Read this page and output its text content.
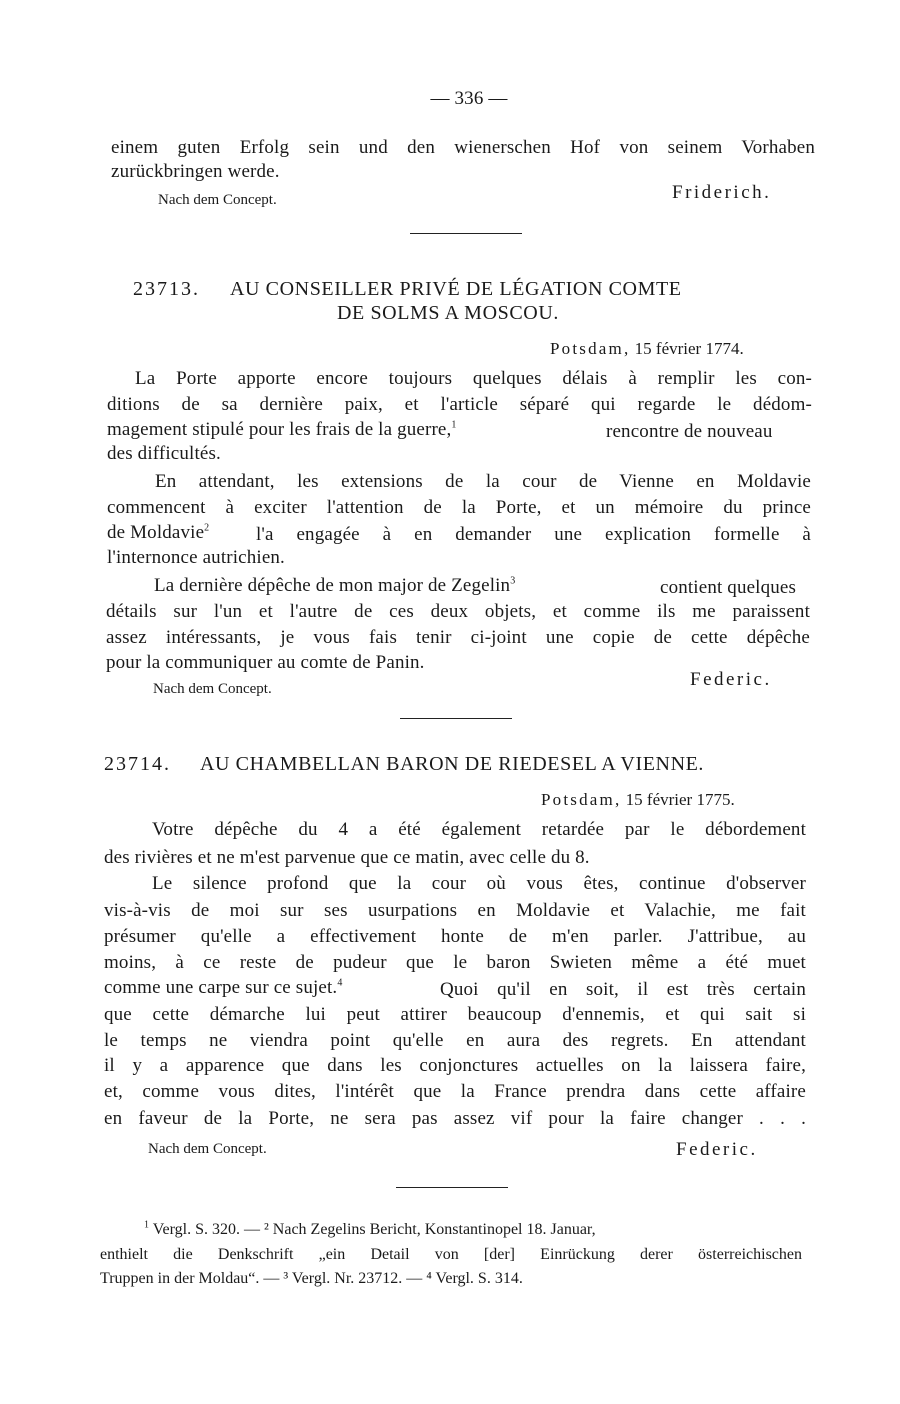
— 336 —
einem guten Erfolg sein und den wienerschen Hof von seinem Vorhaben
zurückbringen werde.
Nach dem Concept.	Friderich.
23713. AU CONSEILLER PRIVÉ DE LÉGATION COMTE
DE SOLMS A MOSCOU.
Potsdam, 15 février 1774.
La Porte apporte encore toujours quelques délais à remplir les con-
ditions de sa dernière paix, et l'article séparé qui regarde le dédom-
magement stipulé pour les frais de la guerre,$^1$	rencontre de nouveau
des difficultés.
En attendant, les extensions de la cour de Vienne en Moldavie
commencent à exciter l'attention de la Porte, et un mémoire du prince
de Moldavie$^2$ l'a engagée à en demander une explication formelle à
l'internonce autrichien.
La dernière dépêche de mon major de Zegelin$^3$	contient quelques
détails sur l'un et l'autre de ces deux objets, et comme ils me paraissent
assez intéressants, je vous fais tenir ci-joint une copie de cette dépêche
pour la communiquer au comte de Panin.
Nach dem Concept.	Federic.
23714. AU CHAMBELLAN BARON DE RIEDESEL A VIENNE.
Potsdam, 15 février 1775.
Votre dépêche du 4 a été également retardée par le débordement
des rivières et ne m'est parvenue que ce matin, avec celle du 8.
Le silence profond que la cour où vous êtes, continue d'observer
vis-à-vis de moi sur ses usurpations en Moldavie et Valachie, me fait
présumer qu'elle a effectivement honte de m'en parler. J'attribue, au
moins, à ce reste de pudeur que le baron Swieten même a été muet
comme une carpe sur ce sujet.$^4$	Quoi qu'il en soit, il est très certain
que cette démarche lui peut attirer beaucoup d'ennemis, et qui sait si
le temps ne viendra point qu'elle en aura des regrets. En attendant
il y a apparence que dans les conjonctures actuelles on la laissera faire,
et, comme vous dites, l'intérêt que la France prendra dans cette affaire
en faveur de la Porte, ne sera pas assez vif pour la faire changer . . .
Nach dem Concept.	Federic.
$^1$ Vergl. S. 320. — ² Nach Zegelins Bericht, Konstantinopel 18. Januar,
enthielt die Denkschrift „ein Detail von [der] Einrückung derer österreichischen
Truppen in der Moldau“. — ³ Vergl. Nr. 23712. — ⁴ Vergl. S. 314.
